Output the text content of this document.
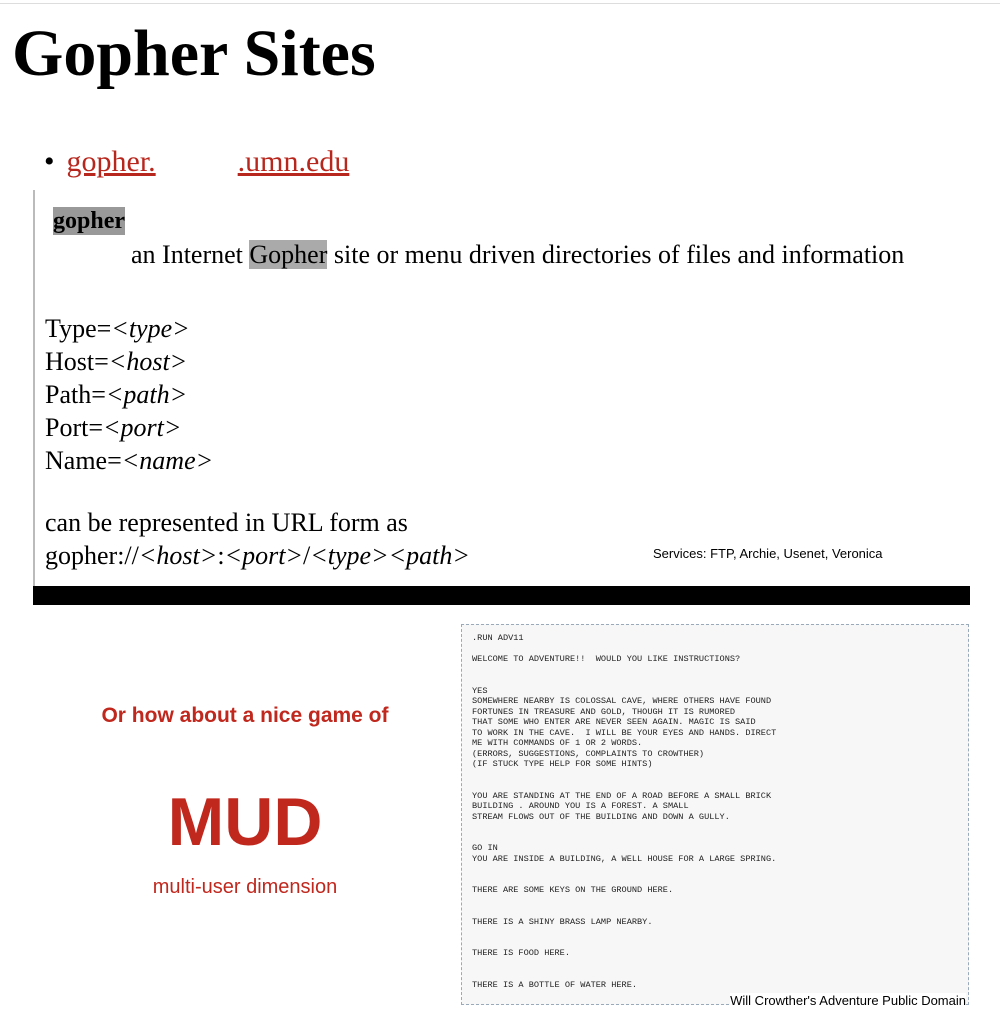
Gopher Sites
• gopher.	.umn.edu
gopher
an Internet Gopher site or menu driven directories of files and information
Type=<type>
Host=<host>
Path=<path>
Port=<port>
Name=<name>
can be represented in URL form as
gopher://<host>:<port>/<type><path>	Services: FTP, Archie, Usenet, Veronica
Or how about a nice game of
MUD
multi-user dimension
.RUN ADV11

WELCOME TO ADVENTURE!!  WOULD YOU LIKE INSTRUCTIONS?

YES
SOMEWHERE NEARBY IS COLOSSAL CAVE, WHERE OTHERS HAVE FOUND
FORTUNES IN TREASURE AND GOLD, THOUGH IT IS RUMORED
THAT SOME WHO ENTER ARE NEVER SEEN AGAIN. MAGIC IS SAID
TO WORK IN THE CAVE.  I WILL BE YOUR EYES AND HANDS. DIRECT
ME WITH COMMANDS OF 1 OR 2 WORDS.
(ERRORS, SUGGESTIONS, COMPLAINTS TO CROWTHER)
(IF STUCK TYPE HELP FOR SOME HINTS)

YOU ARE STANDING AT THE END OF A ROAD BEFORE A SMALL BRICK
BUILDING . AROUND YOU IS A FOREST. A SMALL
STREAM FLOWS OUT OF THE BUILDING AND DOWN A GULLY.

GO IN
YOU ARE INSIDE A BUILDING, A WELL HOUSE FOR A LARGE SPRING.

THERE ARE SOME KEYS ON THE GROUND HERE.

THERE IS A SHINY BRASS LAMP NEARBY.

THERE IS FOOD HERE.

THERE IS A BOTTLE OF WATER HERE.
Will Crowther's Adventure Public Domain
